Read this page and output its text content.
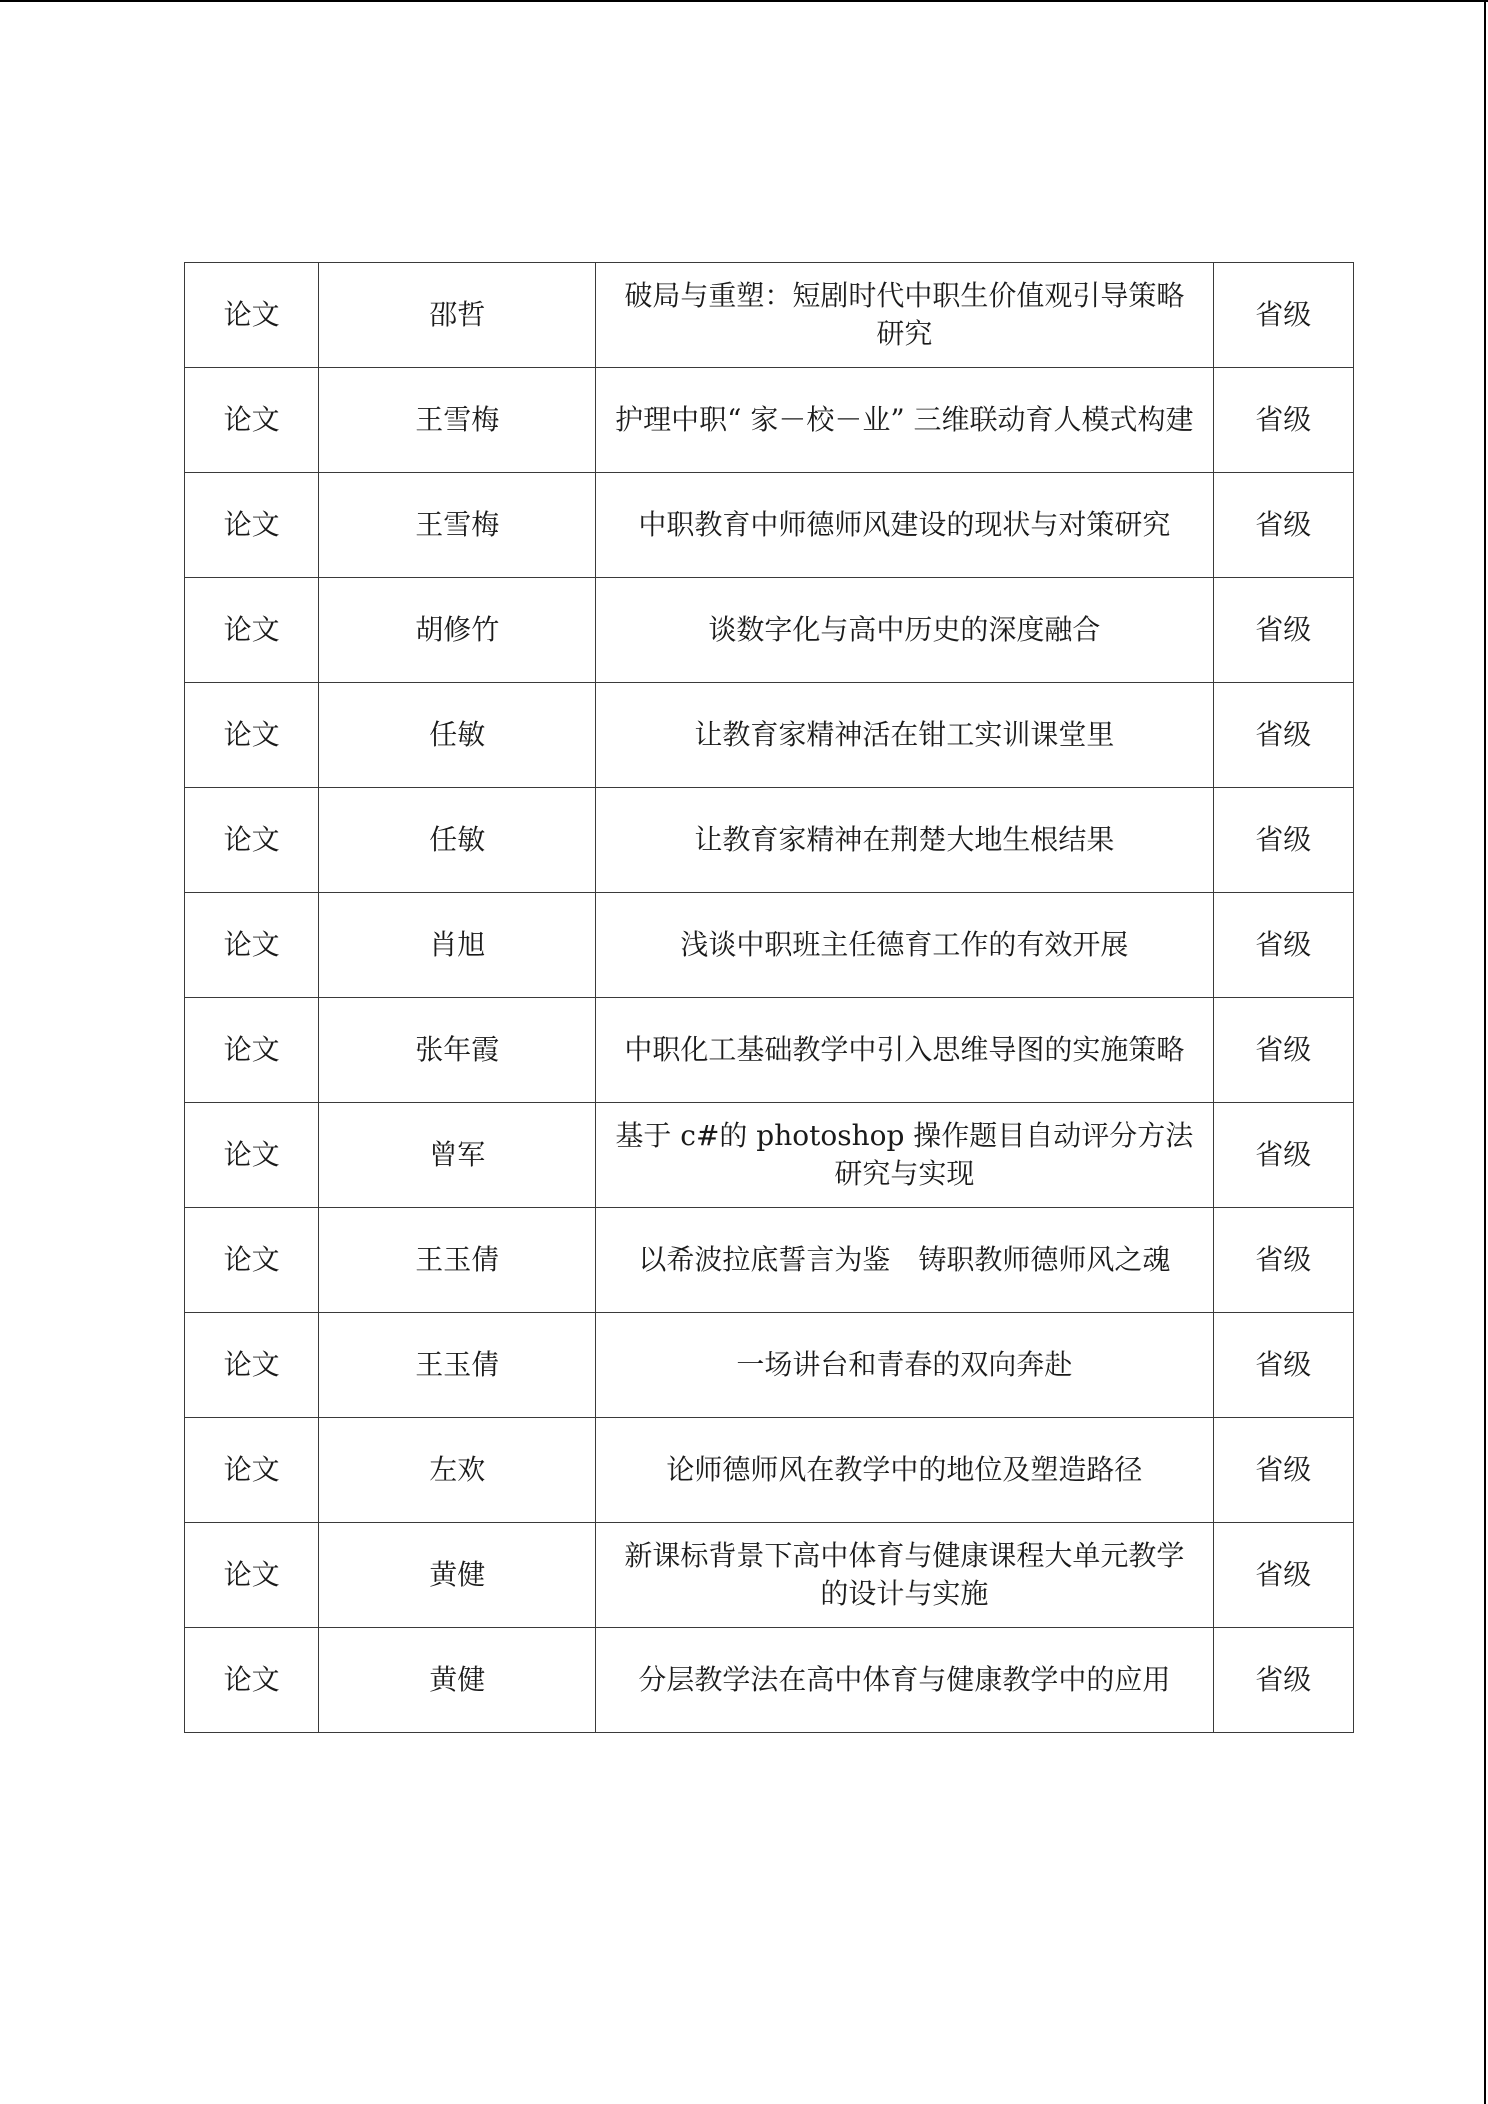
论文	邵哲	破局与重塑：短剧时代中职生价值观引导策略研究	省级
论文	王雪梅	护理中职“ 家－校－业” 三维联动育人模式构建	省级
论文	王雪梅	中职教育中师德师风建设的现状与对策研究	省级
论文	胡修竹	谈数字化与高中历史的深度融合	省级
论文	任敏	让教育家精神活在钳工实训课堂里	省级
论文	任敏	让教育家精神在荆楚大地生根结果	省级
论文	肖旭	浅谈中职班主任德育工作的有效开展	省级
论文	张年霞	中职化工基础教学中引入思维导图的实施策略	省级
论文	曾军	基于 c#的 photoshop 操作题目自动评分方法研究与实现	省级
论文	王玉倩	以希波拉底誓言为鉴　铸职教师德师风之魂	省级
论文	王玉倩	一场讲台和青春的双向奔赴	省级
论文	左欢	论师德师风在教学中的地位及塑造路径	省级
论文	黄健	新课标背景下高中体育与健康课程大单元教学的设计与实施	省级
论文	黄健	分层教学法在高中体育与健康教学中的应用	省级
